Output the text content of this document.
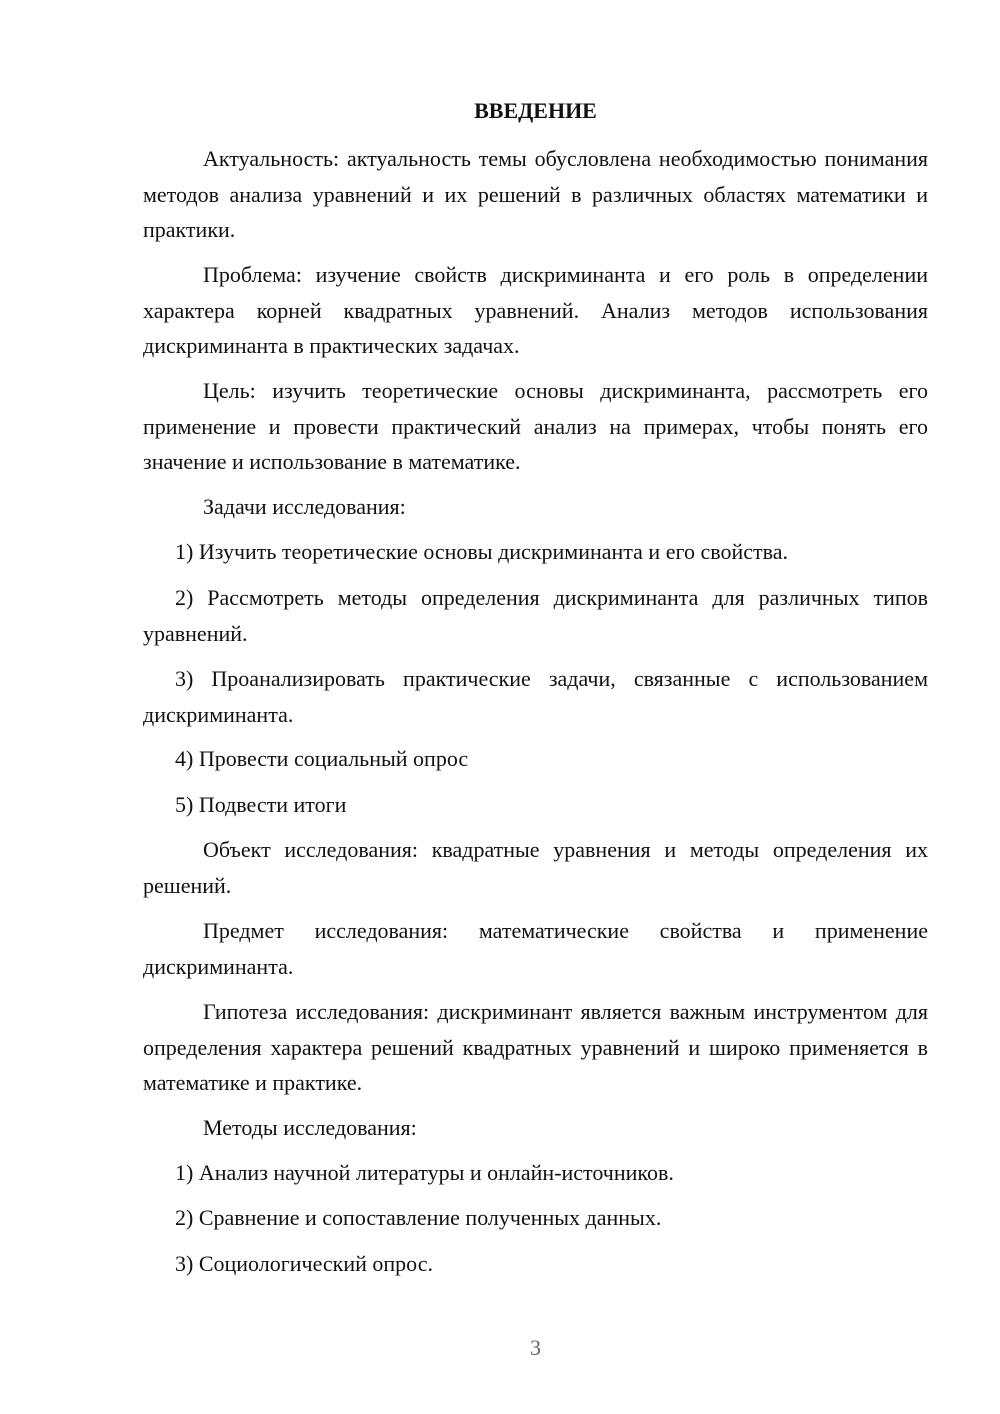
ВВЕДЕНИЕ

Актуальность: актуальность темы обусловлена необходимостью понимания методов анализа уравнений и их решений в различных областях математики и практики.

Проблема: изучение свойств дискриминанта и его роль в определении характера корней квадратных уравнений. Анализ методов использования дискриминанта в практических задачах.

Цель: изучить теоретические основы дискриминанта, рассмотреть его применение и провести практический анализ на примерах, чтобы понять его значение и использование в математике.

Задачи исследования:

1) Изучить теоретические основы дискриминанта и его свойства.

2) Рассмотреть методы определения дискриминанта для различных типов уравнений.

3) Проанализировать практические задачи, связанные с использованием дискриминанта.

4) Провести социальный опрос

5) Подвести итоги

Объект исследования: квадратные уравнения и методы определения их решений.

Предмет исследования: математические свойства и применение дискриминанта.

Гипотеза исследования: дискриминант является важным инструментом для определения характера решений квадратных уравнений и широко применяется в математике и практике.

Методы исследования:

1) Анализ научной литературы и онлайн-источников.

2) Сравнение и сопоставление полученных данных.

3) Социологический опрос.

3
